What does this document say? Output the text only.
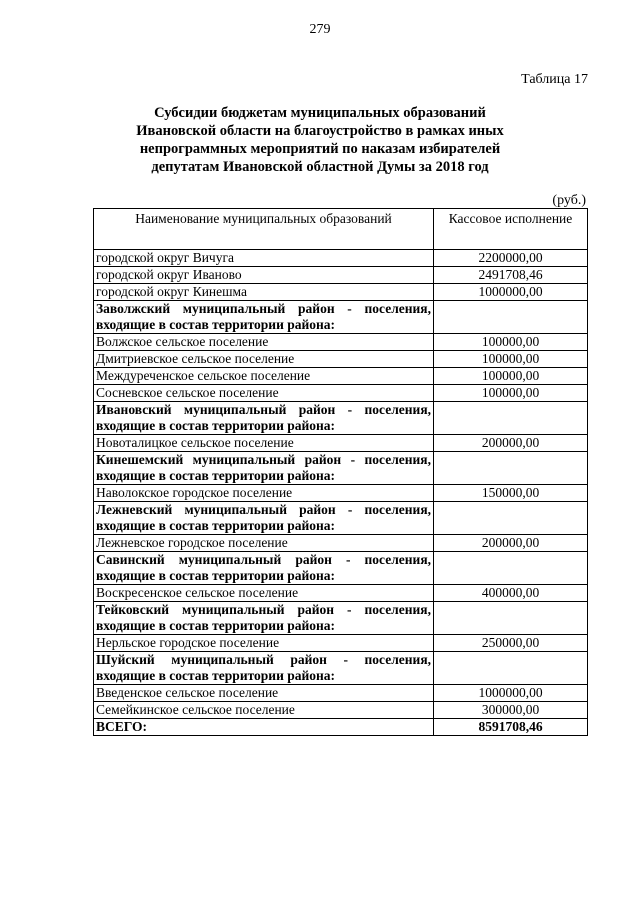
279
Таблица 17
Субсидии бюджетам муниципальных образований
Ивановской области на благоустройство в рамках иных
непрограммных мероприятий по наказам избирателей
депутатам Ивановской областной Думы за 2018 год
(руб.)
Наименование муниципальных образований	Кассовое исполнение
городской округ Вичуга	2200000,00
городской округ Иваново	2491708,46
городской округ Кинешма	1000000,00
Заволжский муниципальный район - поселения, входящие в состав территории района:	
Волжское сельское поселение	100000,00
Дмитриевское сельское поселение	100000,00
Междуреченское сельское поселение	100000,00
Сосневское сельское поселение	100000,00
Ивановский муниципальный район - поселения, входящие в состав территории района:	
Новоталицкое сельское поселение	200000,00
Кинешемский муниципальный район - поселения, входящие в состав территории района:	
Наволокское городское поселение	150000,00
Лежневский муниципальный район - поселения, входящие в состав территории района:	
Лежневское городское поселение	200000,00
Савинский муниципальный район - поселения, входящие в состав территории района:	
Воскресенское сельское поселение	400000,00
Тейковский муниципальный район - поселения, входящие в состав территории района:	
Нерльское городское поселение	250000,00
Шуйский муниципальный район - поселения, входящие в состав территории района:	
Введенское сельское поселение	1000000,00
Семейкинское сельское поселение	300000,00
ВСЕГО:	8591708,46
